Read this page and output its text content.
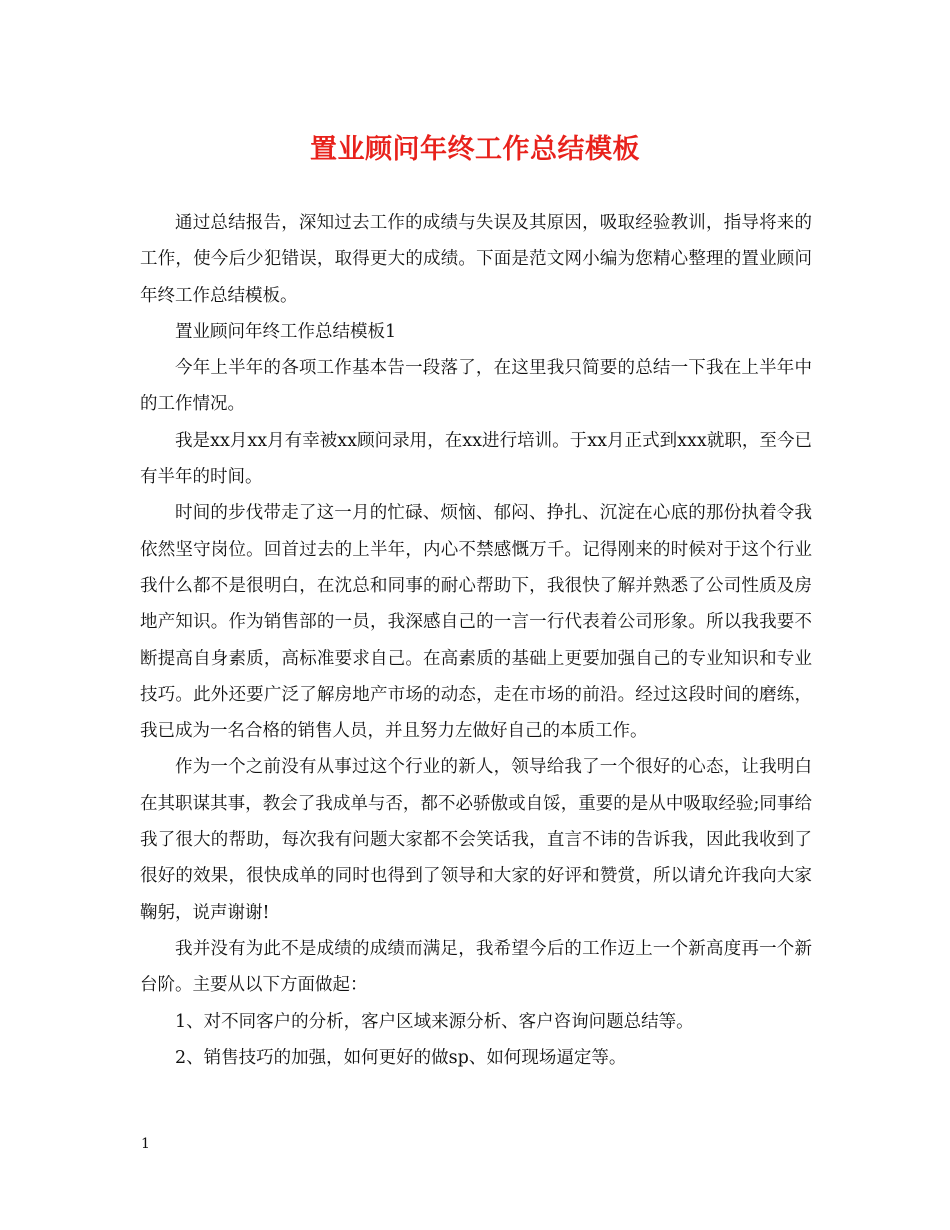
置业顾问年终工作总结模板

通过总结报告，深知过去工作的成绩与失误及其原因，吸取经验教训，指导将来的工作，使今后少犯错误，取得更大的成绩。下面是范文网小编为您精心整理的置业顾问年终工作总结模板。

置业顾问年终工作总结模板1

今年上半年的各项工作基本告一段落了，在这里我只简要的总结一下我在上半年中的工作情况。

我是xx月xx月有幸被xx顾问录用，在xx进行培训。于xx月正式到xxx就职，至今已有半年的时间。

时间的步伐带走了这一月的忙碌、烦恼、郁闷、挣扎、沉淀在心底的那份执着令我依然坚守岗位。回首过去的上半年，内心不禁感慨万千。记得刚来的时候对于这个行业我什么都不是很明白，在沈总和同事的耐心帮助下，我很快了解并熟悉了公司性质及房地产知识。作为销售部的一员，我深感自己的一言一行代表着公司形象。所以我我要不断提高自身素质，高标准要求自己。在高素质的基础上更要加强自己的专业知识和专业技巧。此外还要广泛了解房地产市场的动态，走在市场的前沿。经过这段时间的磨练，我已成为一名合格的销售人员，并且努力左做好自己的本质工作。

作为一个之前没有从事过这个行业的新人，领导给我了一个很好的心态，让我明白在其职谋其事，教会了我成单与否，都不必骄傲或自馁，重要的是从中吸取经验;同事给我了很大的帮助，每次我有问题大家都不会笑话我，直言不讳的告诉我，因此我收到了很好的效果，很快成单的同时也得到了领导和大家的好评和赞赏，所以请允许我向大家鞠躬，说声谢谢!

我并没有为此不是成绩的成绩而满足，我希望今后的工作迈上一个新高度再一个新台阶。主要从以下方面做起：

1、对不同客户的分析，客户区域来源分析、客户咨询问题总结等。

2、销售技巧的加强，如何更好的做sp、如何现场逼定等。

1
